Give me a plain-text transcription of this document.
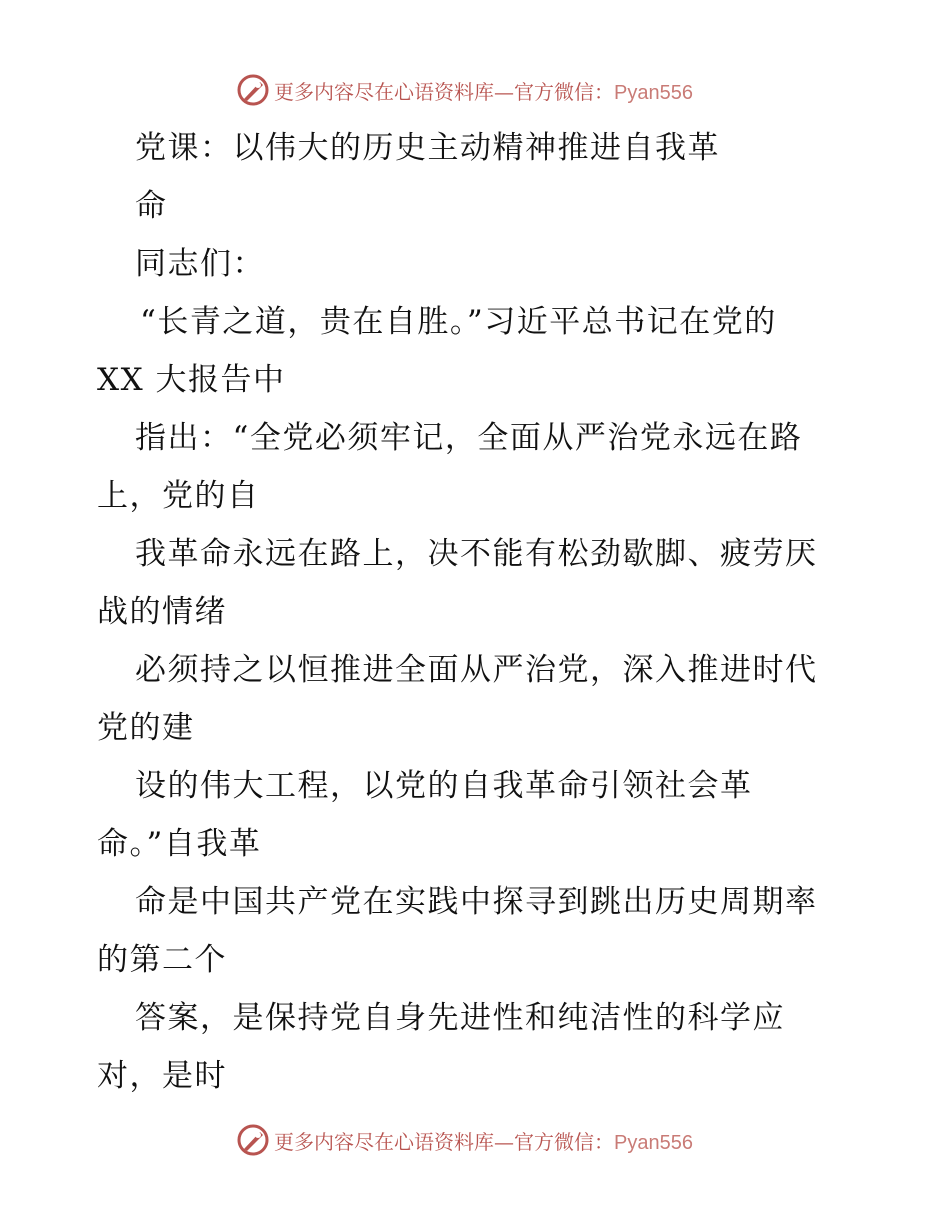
更多内容尽在心语资料库—官方微信：Pyan556
党课：以伟大的历史主动精神推进自我革
命
同志们：
“长青之道，贵在自胜。”习近平总书记在党的
XX 大报告中
指出：“全党必须牢记，全面从严治党永远在路
上，党的自
我革命永远在路上，决不能有松劲歇脚、疲劳厌
战的情绪
必须持之以恒推进全面从严治党，深入推进时代
党的建
设的伟大工程，以党的自我革命引领社会革
命。”自我革
命是中国共产党在实践中探寻到跳出历史周期率
的第二个
答案，是保持党自身先进性和纯洁性的科学应
对，是时
更多内容尽在心语资料库—官方微信：Pyan556
